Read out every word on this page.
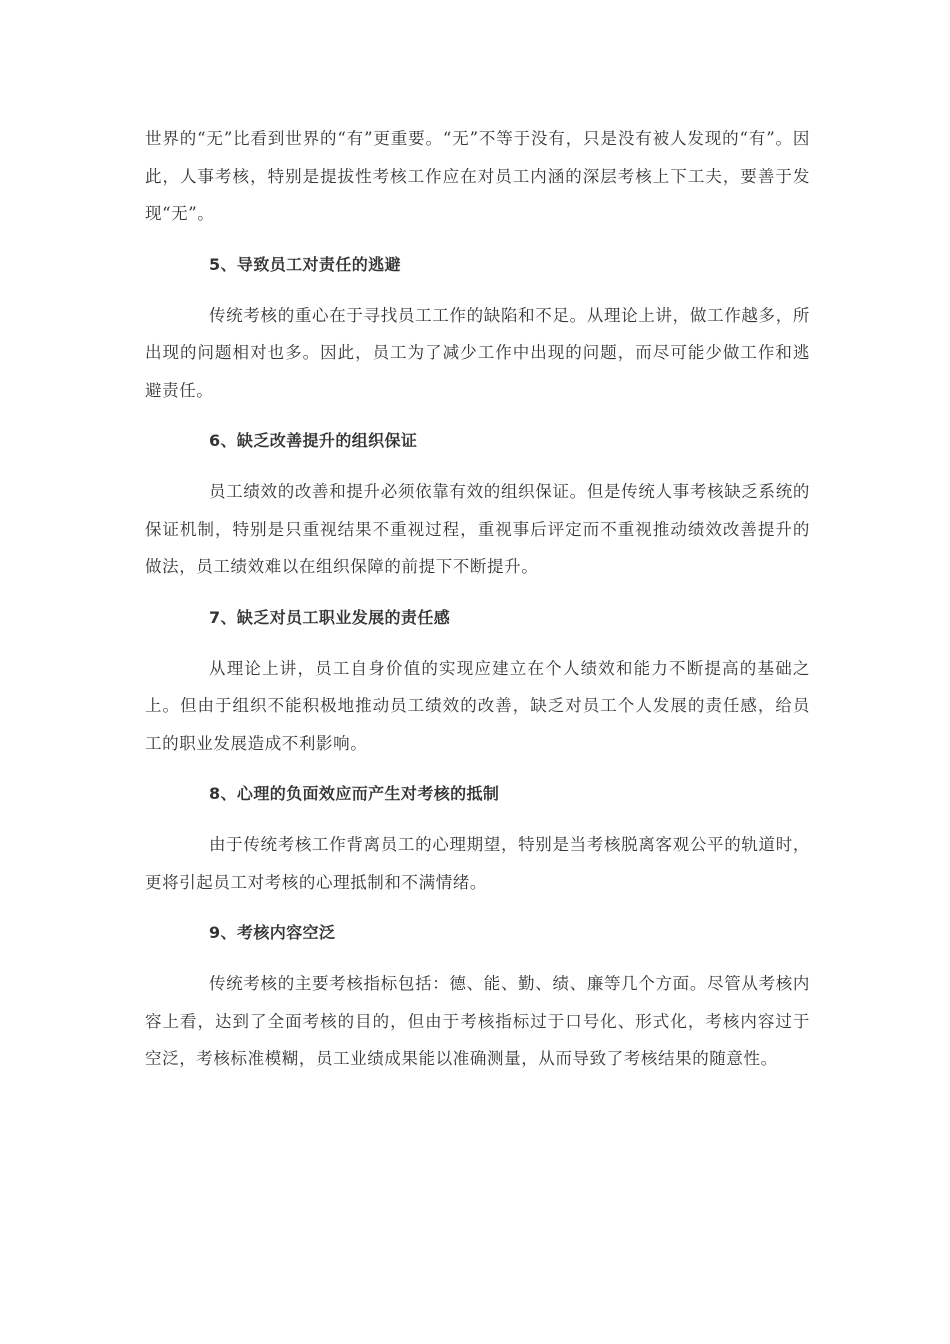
世界的“无”比看到世界的“有”更重要。“无”不等于没有，只是没有被人发现的“有”。因此，人事考核，特别是提拔性考核工作应在对员工内涵的深层考核上下工夫，要善于发现“无”。

5、导致员工对责任的逃避

传统考核的重心在于寻找员工工作的缺陷和不足。从理论上讲，做工作越多，所出现的问题相对也多。因此，员工为了减少工作中出现的问题，而尽可能少做工作和逃避责任。

6、缺乏改善提升的组织保证

员工绩效的改善和提升必须依靠有效的组织保证。但是传统人事考核缺乏系统的保证机制，特别是只重视结果不重视过程，重视事后评定而不重视推动绩效改善提升的做法，员工绩效难以在组织保障的前提下不断提升。

7、缺乏对员工职业发展的责任感

从理论上讲，员工自身价值的实现应建立在个人绩效和能力不断提高的基础之上。但由于组织不能积极地推动员工绩效的改善，缺乏对员工个人发展的责任感，给员工的职业发展造成不利影响。

8、心理的负面效应而产生对考核的抵制

由于传统考核工作背离员工的心理期望，特别是当考核脱离客观公平的轨道时，更将引起员工对考核的心理抵制和不满情绪。

9、考核内容空泛

传统考核的主要考核指标包括：德、能、勤、绩、廉等几个方面。尽管从考核内容上看，达到了全面考核的目的，但由于考核指标过于口号化、形式化，考核内容过于空泛，考核标准模糊，员工业绩成果能以准确测量，从而导致了考核结果的随意性。
